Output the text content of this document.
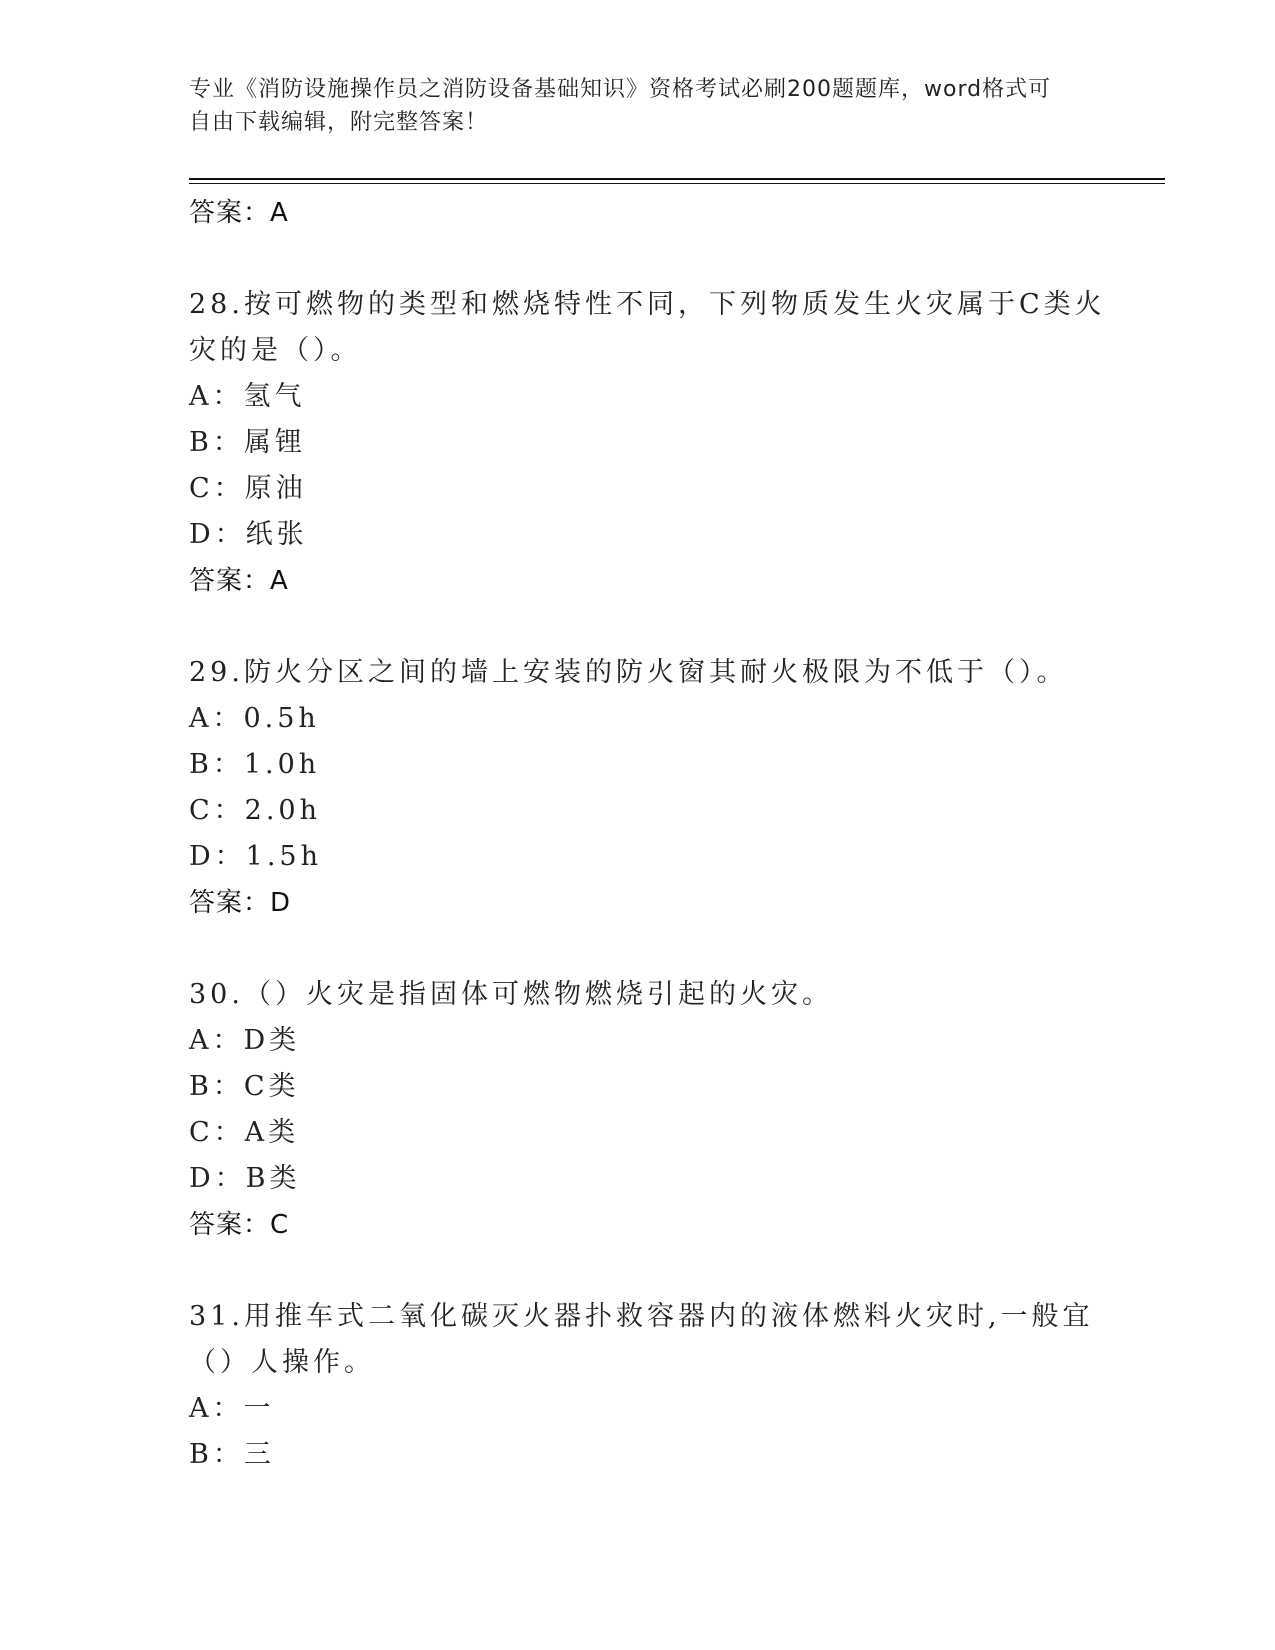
专业《消防设施操作员之消防设备基础知识》资格考试必刷200题题库，word格式可自由下载编辑，附完整答案！
答案：A
28.按可燃物的类型和燃烧特性不同，下列物质发生火灾属于C类火灾的是（）。
A：氢气
B：属锂
C：原油
D：纸张
答案：A
29.防火分区之间的墙上安装的防火窗其耐火极限为不低于（）。
A：0.5h
B：1.0h
C：2.0h
D：1.5h
答案：D
30.（）火灾是指固体可燃物燃烧引起的火灾。
A：D类
B：C类
C：A类
D：B类
答案：C
31.用推车式二氧化碳灭火器扑救容器内的液体燃料火灾时,一般宜（）人操作。
A：一
B：三
